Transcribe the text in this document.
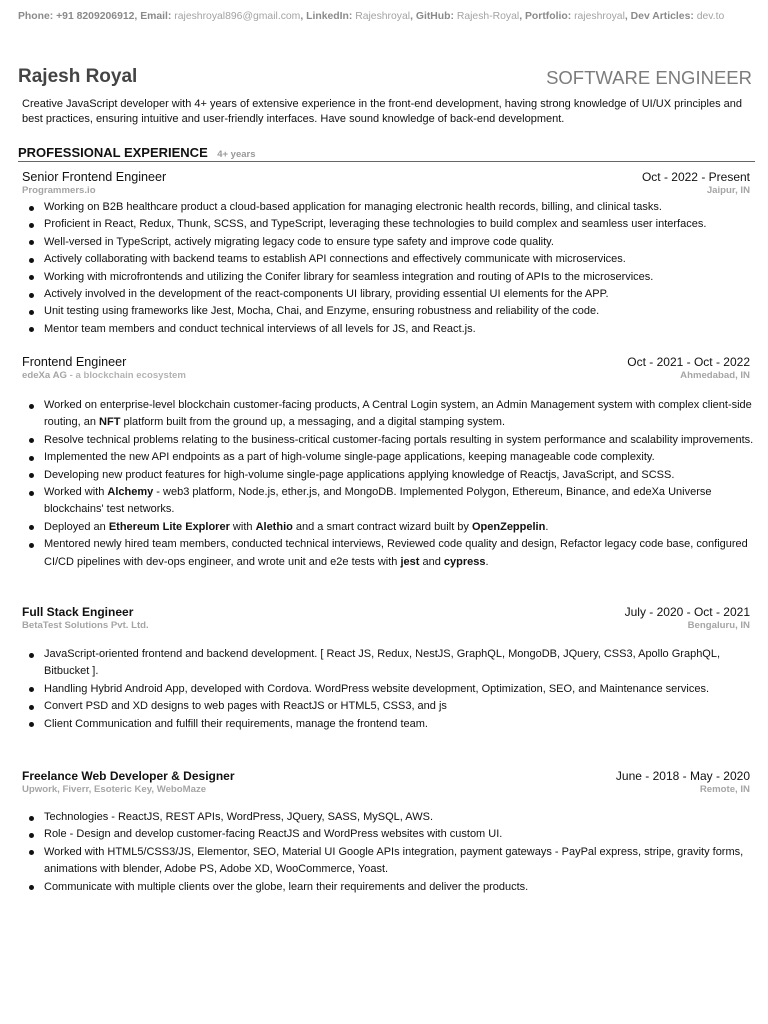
Phone: +91 8209206912, Email: rajeshroyal896@gmail.com, LinkedIn: Rajeshroyal, GitHub: Rajesh-Royal, Portfolio: rajeshroyal, Dev Articles: dev.to
Rajesh Royal	SOFTWARE ENGINEER
Creative JavaScript developer with 4+ years of extensive experience in the front-end development, having strong knowledge of UI/UX principles and best practices, ensuring intuitive and user-friendly interfaces. Have sound knowledge of back-end development.
PROFESSIONAL EXPERIENCE 4+ years
Senior Frontend Engineer	Oct - 2022 - Present
Programmers.io	Jaipur, IN
Working on B2B healthcare product a cloud-based application for managing electronic health records, billing, and clinical tasks.
Proficient in React, Redux, Thunk, SCSS, and TypeScript, leveraging these technologies to build complex and seamless user interfaces.
Well-versed in TypeScript, actively migrating legacy code to ensure type safety and improve code quality.
Actively collaborating with backend teams to establish API connections and effectively communicate with microservices.
Working with microfrontends and utilizing the Conifer library for seamless integration and routing of APIs to the microservices.
Actively involved in the development of the react-components UI library, providing essential UI elements for the APP.
Unit testing using frameworks like Jest, Mocha, Chai, and Enzyme, ensuring robustness and reliability of the code.
Mentor team members and conduct technical interviews of all levels for JS, and React.js.
Frontend Engineer	Oct - 2021 - Oct - 2022
edeXa AG - a blockchain ecosystem	Ahmedabad, IN
Worked on enterprise-level blockchain customer-facing products, A Central Login system, an Admin Management system with complex client-side routing, an NFT platform built from the ground up, a messaging, and a digital stamping system.
Resolve technical problems relating to the business-critical customer-facing portals resulting in system performance and scalability improvements.
Implemented the new API endpoints as a part of high-volume single-page applications, keeping manageable code complexity.
Developing new product features for high-volume single-page applications applying knowledge of Reactjs, JavaScript, and SCSS.
Worked with Alchemy - web3 platform, Node.js, ether.js, and MongoDB. Implemented Polygon, Ethereum, Binance, and edeXa Universe blockchains' test networks.
Deployed an Ethereum Lite Explorer with Alethio and a smart contract wizard built by OpenZeppelin.
Mentored newly hired team members, conducted technical interviews, Reviewed code quality and design, Refactor legacy code base, configured CI/CD pipelines with dev-ops engineer, and wrote unit and e2e tests with jest and cypress.
Full Stack Engineer	July - 2020 - Oct - 2021
BetaTest Solutions Pvt. Ltd.	Bengaluru, IN
JavaScript-oriented frontend and backend development. [ React JS, Redux, NestJS, GraphQL, MongoDB, JQuery, CSS3, Apollo GraphQL, Bitbucket ].
Handling Hybrid Android App, developed with Cordova. WordPress website development, Optimization, SEO, and Maintenance services.
Convert PSD and XD designs to web pages with ReactJS or HTML5, CSS3, and js
Client Communication and fulfill their requirements, manage the frontend team.
Freelance Web Developer & Designer	June - 2018 - May - 2020
Upwork, Fiverr, Esoteric Key, WeboMaze	Remote, IN
Technologies - ReactJS, REST APIs, WordPress, JQuery, SASS, MySQL, AWS.
Role - Design and develop customer-facing ReactJS and WordPress websites with custom UI.
Worked with HTML5/CSS3/JS, Elementor, SEO, Material UI Google APIs integration, payment gateways - PayPal express, stripe, gravity forms, animations with blender, Adobe PS, Adobe XD, WooCommerce, Yoast.
Communicate with multiple clients over the globe, learn their requirements and deliver the products.
